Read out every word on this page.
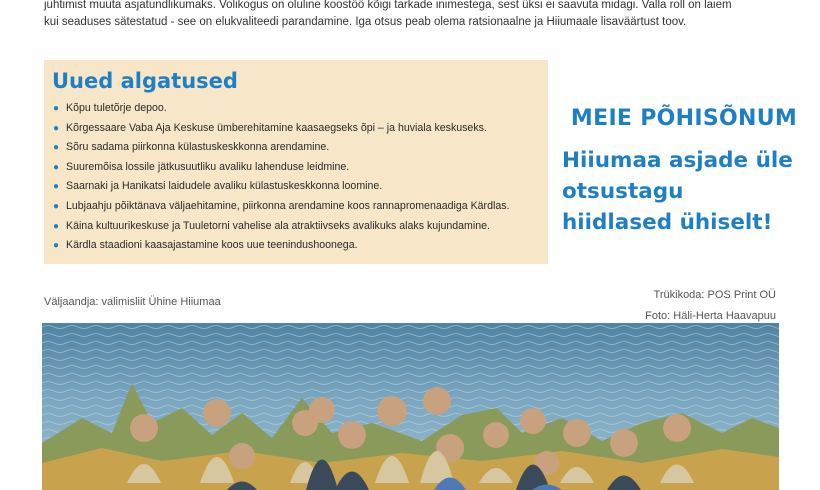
juhtimist muuta asjatundlikumaks. Volikogus on oluline koostöö kõigi tarkade inimestega, sest üksi ei saavuta midagi. Valla roll on laiem

kui seaduses sätestatud - see on elukvaliteedi parandamine. Iga otsus peab olema ratsionaalne ja Hiiumaale lisaväärtust toov.

Uued algatused
● Kõpu tuletõrje depoo.
● Kõrgessaare Vaba Aja Keskuse ümberehitamine kaasaegseks õpi – ja huviala keskuseks.
● Sõru sadama piirkonna külastuskeskkonna arendamine.
● Suuremõisa lossile jätkusuutliku avaliku lahenduse leidmine.
● Saarnaki ja Hanikatsi laidudele avaliku külastuskeskkonna loomine.
● Lubjaahju põiktänava väljaehitamine, piirkonna arendamine koos rannapromenaadiga Kärdlas.
● Käina kultuurikeskuse ja Tuuletorni vahelise ala atraktiivseks avalikuks alaks kujundamine.
● Kärdla staadioni kaasajastamine koos uue teenindushoonega.
MEIE PÕHISÕNUM
Hiiumaa asjade üle
otsustagu
hiidlased ühiselt!
Väljaandja: valimisliit Ühine Hiiumaa
Trükikoda: POS Print OÜ
Foto: Häli-Herta Haavapuu
